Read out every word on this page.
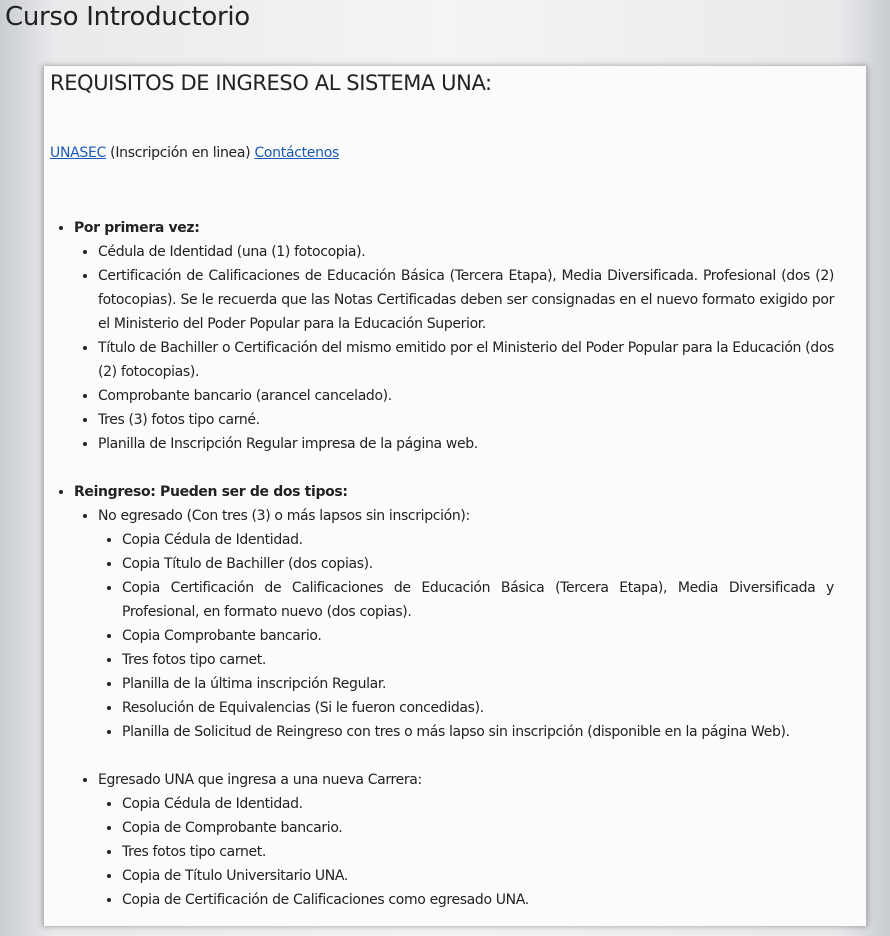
Curso Introductorio
REQUISITOS DE INGRESO AL SISTEMA UNA:
UNASEC (Inscripción en linea) Contáctenos
• Por primera vez:
• Cédula de Identidad (una (1) fotocopia).
• Certificación de Calificaciones de Educación Básica (Tercera Etapa), Media Diversificada. Profesional (dos (2) fotocopias). Se le recuerda que las Notas Certificadas deben ser consignadas en el nuevo formato exigido por el Ministerio del Poder Popular para la Educación Superior.
• Título de Bachiller o Certificación del mismo emitido por el Ministerio del Poder Popular para la Educación (dos (2) fotocopias).
• Comprobante bancario (arancel cancelado).
• Tres (3) fotos tipo carné.
• Planilla de Inscripción Regular impresa de la página web.
• Reingreso: Pueden ser de dos tipos:
• No egresado (Con tres (3) o más lapsos sin inscripción):
• Copia Cédula de Identidad.
• Copia Título de Bachiller (dos copias).
• Copia Certificación de Calificaciones de Educación Básica (Tercera Etapa), Media Diversificada y Profesional, en formato nuevo (dos copias).
• Copia Comprobante bancario.
• Tres fotos tipo carnet.
• Planilla de la última inscripción Regular.
• Resolución de Equivalencias (Si le fueron concedidas).
• Planilla de Solicitud de Reingreso con tres o más lapso sin inscripción (disponible en la página Web).
• Egresado UNA que ingresa a una nueva Carrera:
• Copia Cédula de Identidad.
• Copia de Comprobante bancario.
• Tres fotos tipo carnet.
• Copia de Título Universitario UNA.
• Copia de Certificación de Calificaciones como egresado UNA.
